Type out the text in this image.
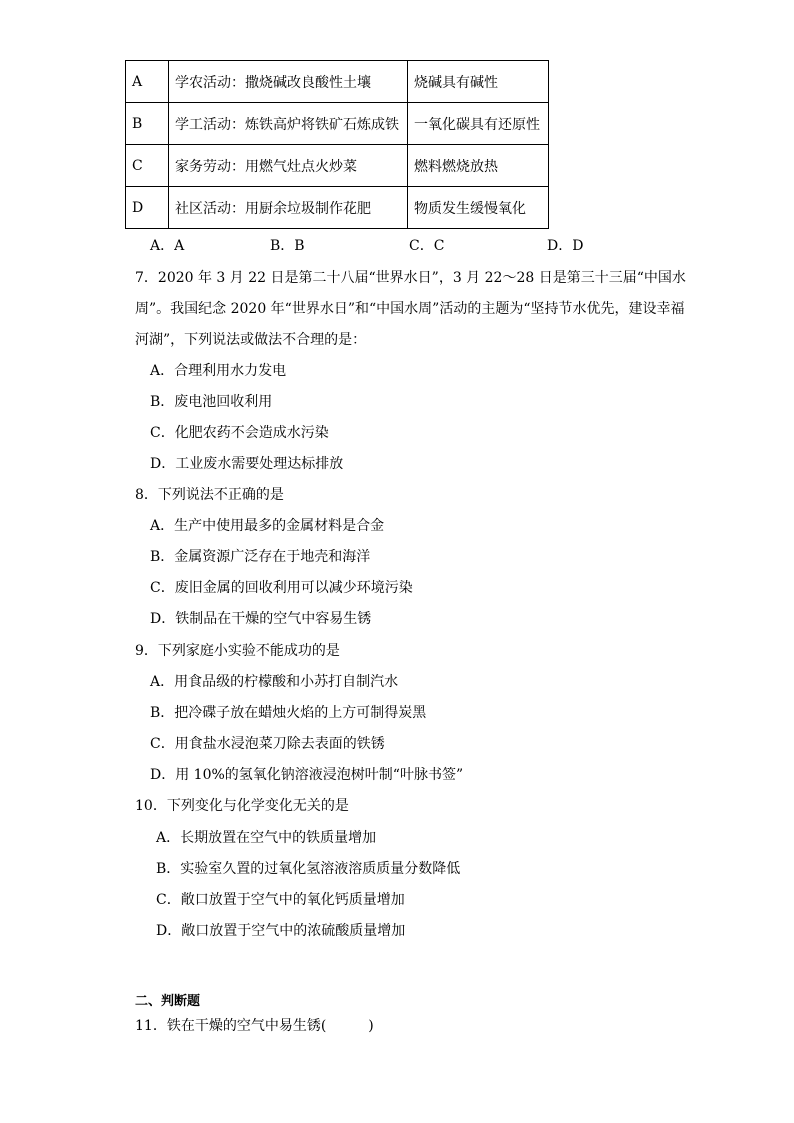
A	学农活动：撒烧碱改良酸性土壤	烧碱具有碱性
B	学工活动：炼铁高炉将铁矿石炼成铁	一氧化碳具有还原性
C	家务劳动：用燃气灶点火炒菜	燃料燃烧放热
D	社区活动：用厨余垃圾制作花肥	物质发生缓慢氧化
A．A	B．B	C．C	D．D
7．2020 年 3 月 22 日是第二十八届“世界水日”，3 月 22～28 日是第三十三届“中国水
周”。我国纪念 2020 年“世界水日”和“中国水周”活动的主题为“坚持节水优先，建设幸福
河湖”，下列说法或做法不合理的是：
A．合理利用水力发电
B．废电池回收利用
C．化肥农药不会造成水污染
D．工业废水需要处理达标排放
8．下列说法不正确的是
A．生产中使用最多的金属材料是合金
B．金属资源广泛存在于地壳和海洋
C．废旧金属的回收利用可以减少环境污染
D．铁制品在干燥的空气中容易生锈
9．下列家庭小实验不能成功的是
A．用食品级的柠檬酸和小苏打自制汽水
B．把冷碟子放在蜡烛火焰的上方可制得炭黑
C．用食盐水浸泡菜刀除去表面的铁锈
D．用 10%的氢氧化钠溶液浸泡树叶制“叶脉书签”
10．下列变化与化学变化无关的是
A．长期放置在空气中的铁质量增加
B．实验室久置的过氧化氢溶液溶质质量分数降低
C．敞口放置于空气中的氧化钙质量增加
D．敞口放置于空气中的浓硫酸质量增加
二、判断题
11．铁在干燥的空气中易生锈(　　　)
